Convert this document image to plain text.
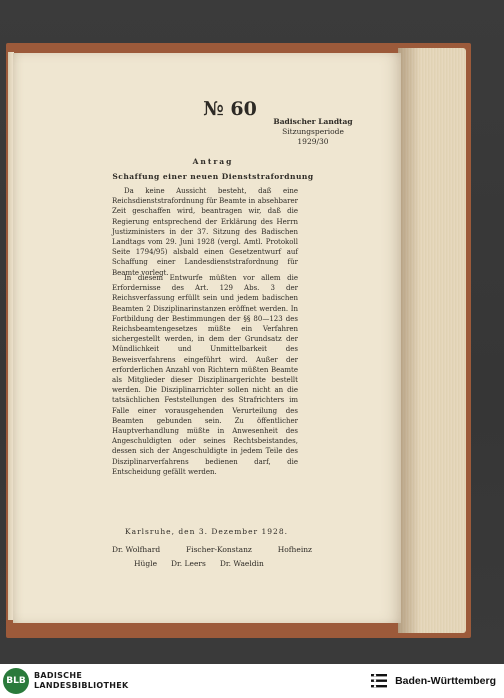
№ 60
Badischer Landtag
Sitzungsperiode
1929/30
Antrag
Schaffung einer neuen Dienststrafordnung
Da keine Aussicht besteht, daß eine Reichsdienststrafordnung für Beamte in absehbarer Zeit geschaffen wird, beantragen wir, daß die Regierung entsprechend der Erklärung des Herrn Justizministers in der 37. Sitzung des Badischen Landtags vom 29. Juni 1928 (vergl. Amtl. Protokoll Seite 1794/95) alsbald einen Gesetzentwurf auf Schaffung einer Landesdienststrafordnung für Beamte vorlegt.
In diesem Entwurfe müßten vor allem die Erfordernisse des Art. 129 Abs. 3 der Reichsverfassung erfüllt sein und jedem badischen Beamten 2 Disziplinarinstanzen eröffnet werden. In Fortbildung der Bestimmungen der §§ 80—123 des Reichsbeamtengesetzes müßte ein Verfahren sichergestellt werden, in dem der Grundsatz der Mündlichkeit und Unmittelbarkeit des Beweisverfahrens eingeführt wird. Außer der erforderlichen Anzahl von Richtern müßten Beamte als Mitglieder dieser Disziplinargerichte bestellt werden. Die Disziplinarrichter sollen nicht an die tatsächlichen Feststellungen des Strafrichters im Falle einer vorausgehenden Verurteilung des Beamten gebunden sein. Zu öffentlicher Hauptverhandlung müßte in Anwesenheit des Angeschuldigten oder seines Rechtsbeistandes, dessen sich der Angeschuldigte in jedem Teile des Disziplinarverfahrens bedienen darf, die Entscheidung gefällt werden.
Karlsruhe, den 3. Dezember 1928.
Dr. Wolfhard	Fischer-Konstanz	Hofheinz
Hügle Dr. Leers Dr. Waeldin
BLB
BADISCHE
LANDESBIBLIOTHEK	Baden-Württemberg
